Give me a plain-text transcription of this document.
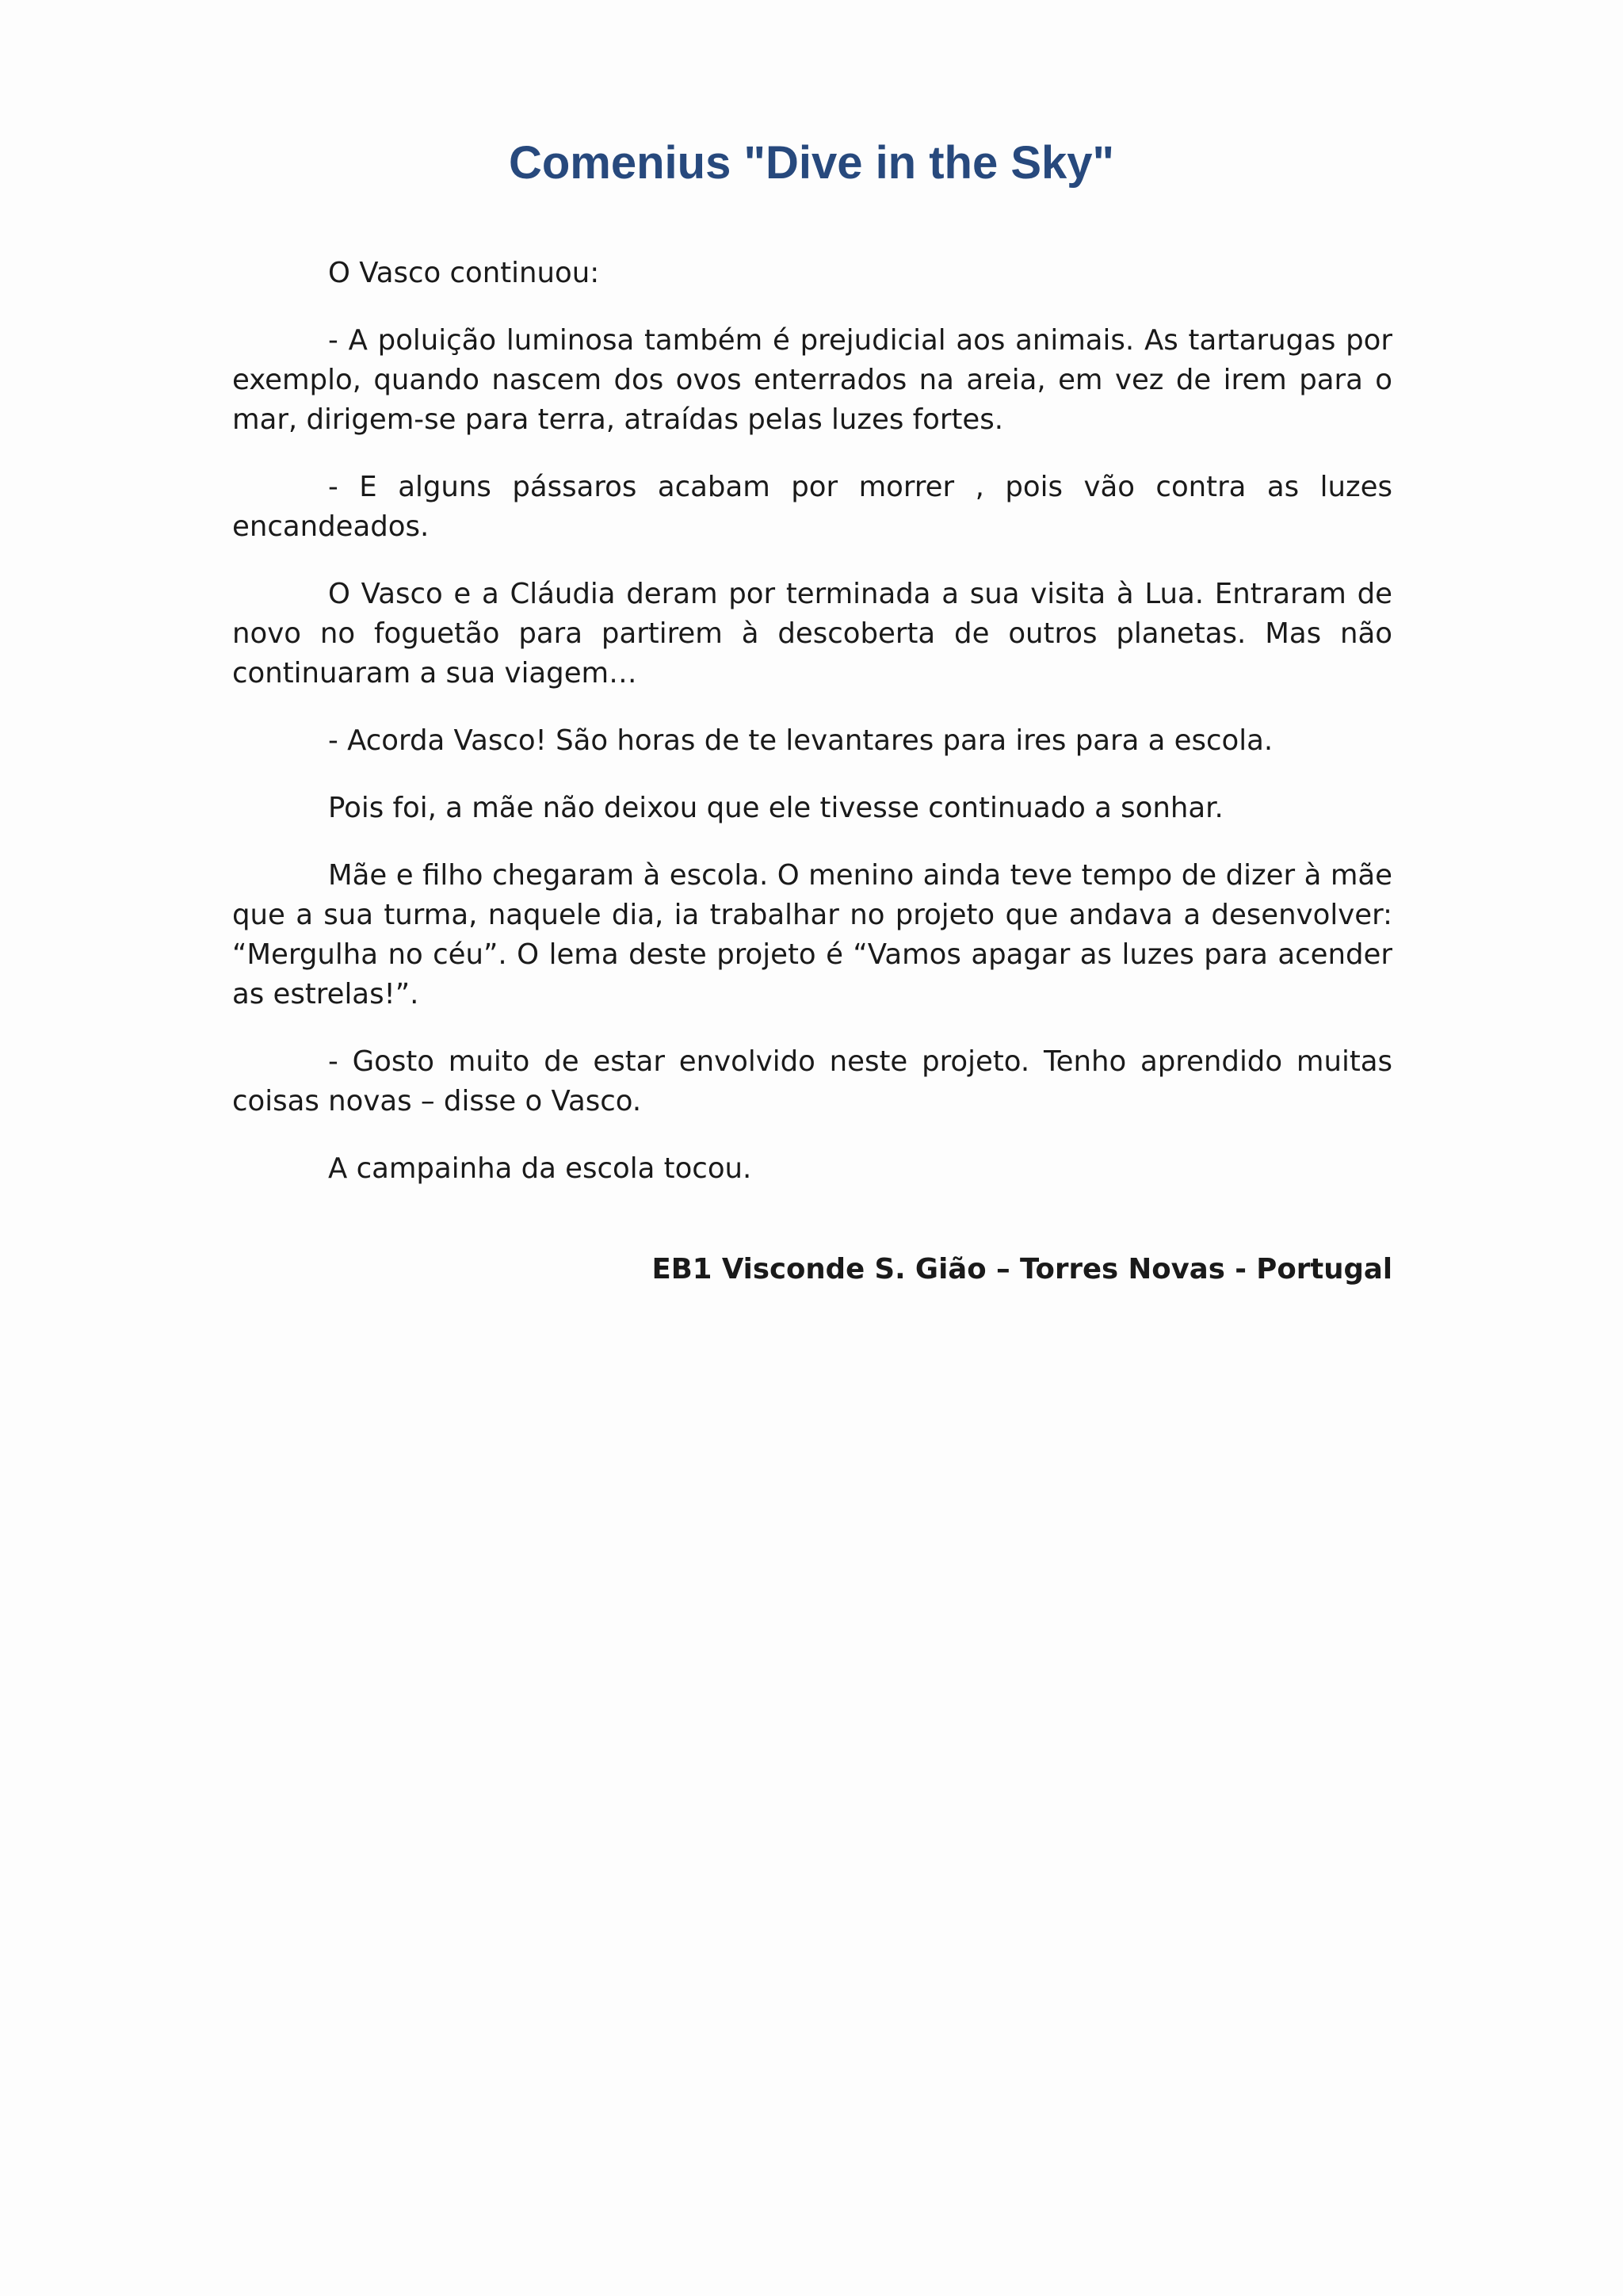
Comenius "Dive in the Sky"

O Vasco continuou:

- A poluição luminosa também é prejudicial aos animais. As tartarugas por exemplo, quando nascem dos ovos enterrados na areia, em vez de irem para o mar, dirigem-se para terra, atraídas pelas luzes fortes.

- E alguns pássaros acabam por morrer , pois vão contra as luzes encandeados.

O Vasco e a Cláudia deram por terminada a sua visita à Lua. Entraram de novo no foguetão para partirem à descoberta de outros planetas. Mas não continuaram a sua viagem…

- Acorda Vasco! São horas de te levantares para ires para a escola.

Pois foi, a mãe não deixou que ele tivesse continuado a sonhar.

Mãe e filho chegaram à escola. O menino ainda teve tempo de dizer à mãe que a sua turma, naquele dia, ia trabalhar no projeto que andava a desenvolver: “Mergulha no céu”. O lema deste projeto é “Vamos apagar as luzes para acender as estrelas!”.

- Gosto muito de estar envolvido neste projeto. Tenho aprendido muitas coisas novas – disse o Vasco.

A campainha da escola tocou.

EB1 Visconde S. Gião – Torres Novas - Portugal
